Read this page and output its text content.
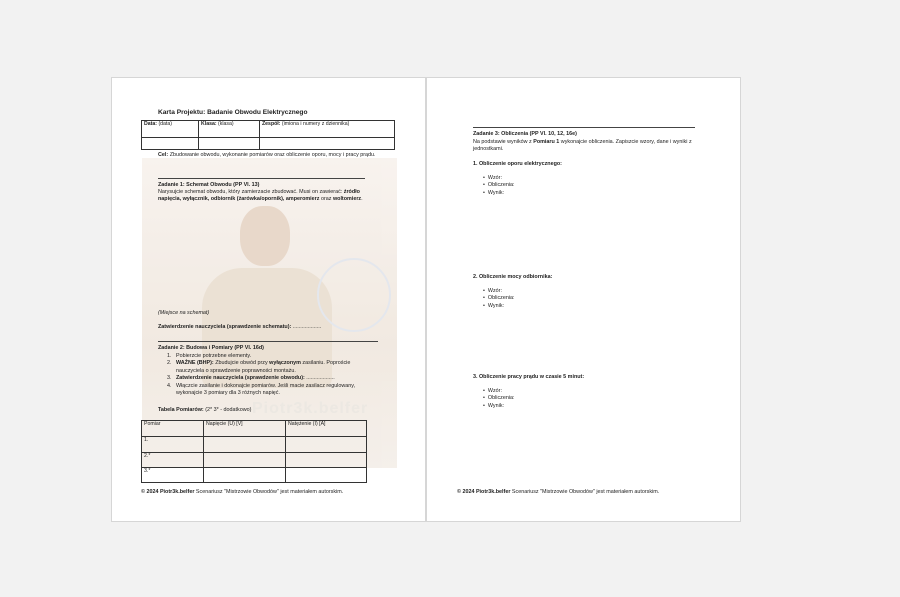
Piotr3k.belfer
Karta Projektu: Badanie Obwodu Elektrycznego
Data: (data)	Klasa: (klasa)	Zespół: (imiona i numery z dziennika)

Cel: Zbudowanie obwodu, wykonanie pomiarów oraz obliczenie oporu, mocy i pracy prądu.
Zadanie 1: Schemat Obwodu (PP VI. 13)
Narysujcie schemat obwodu, który zamierzacie zbudować. Musi on zawierać: źródło napięcia, wyłącznik, odbiornik (żarówka/opornik), amperomierz oraz woltomierz.
(Miejsce na schemat)
Zatwierdzenie nauczyciela (sprawdzenie schematu): ...................
Zadanie 2: Budowa i Pomiary (PP VI. 16d)
1. Pobierzcie potrzebne elementy.
2. WAŻNE (BHP): Zbudujcie obwód przy wyłączonym zasilaniu. Poproście nauczyciela o sprawdzenie poprawności montażu.
3. Zatwierdzenie nauczyciela (sprawdzenie obwodu): ...................
4. Włączcie zasilanie i dokonajcie pomiarów. Jeśli macie zasilacz regulowany, wykonajcie 3 pomiary dla 3 różnych napięć.
Tabela Pomiarów: (2* 3* - dodatkowo)
Pomiar	Napięcie (U) [V]	Natężenie (I) [A]
1.		
2.*		
3.*		
© 2024 Piotr3k.belfer Scenariusz "Mistrzowie Obwodów" jest materiałem autorskim.
Zadanie 3: Obliczenia (PP VI. 10, 12, 16e)
Na podstawie wyników z Pomiaru 1 wykonajcie obliczenia. Zapiszcie wzory, dane i wyniki z jednostkami.
1. Obliczenie oporu elektrycznego:
•  Wzór:
•  Obliczenia:
•  Wynik:
2. Obliczenie mocy odbiornika:
•  Wzór:
•  Obliczenia:
•  Wynik:
3. Obliczenie pracy prądu w czasie 5 minut:
•  Wzór:
•  Obliczenia:
•  Wynik:
© 2024 Piotr3k.belfer Scenariusz "Mistrzowie Obwodów" jest materiałem autorskim.
